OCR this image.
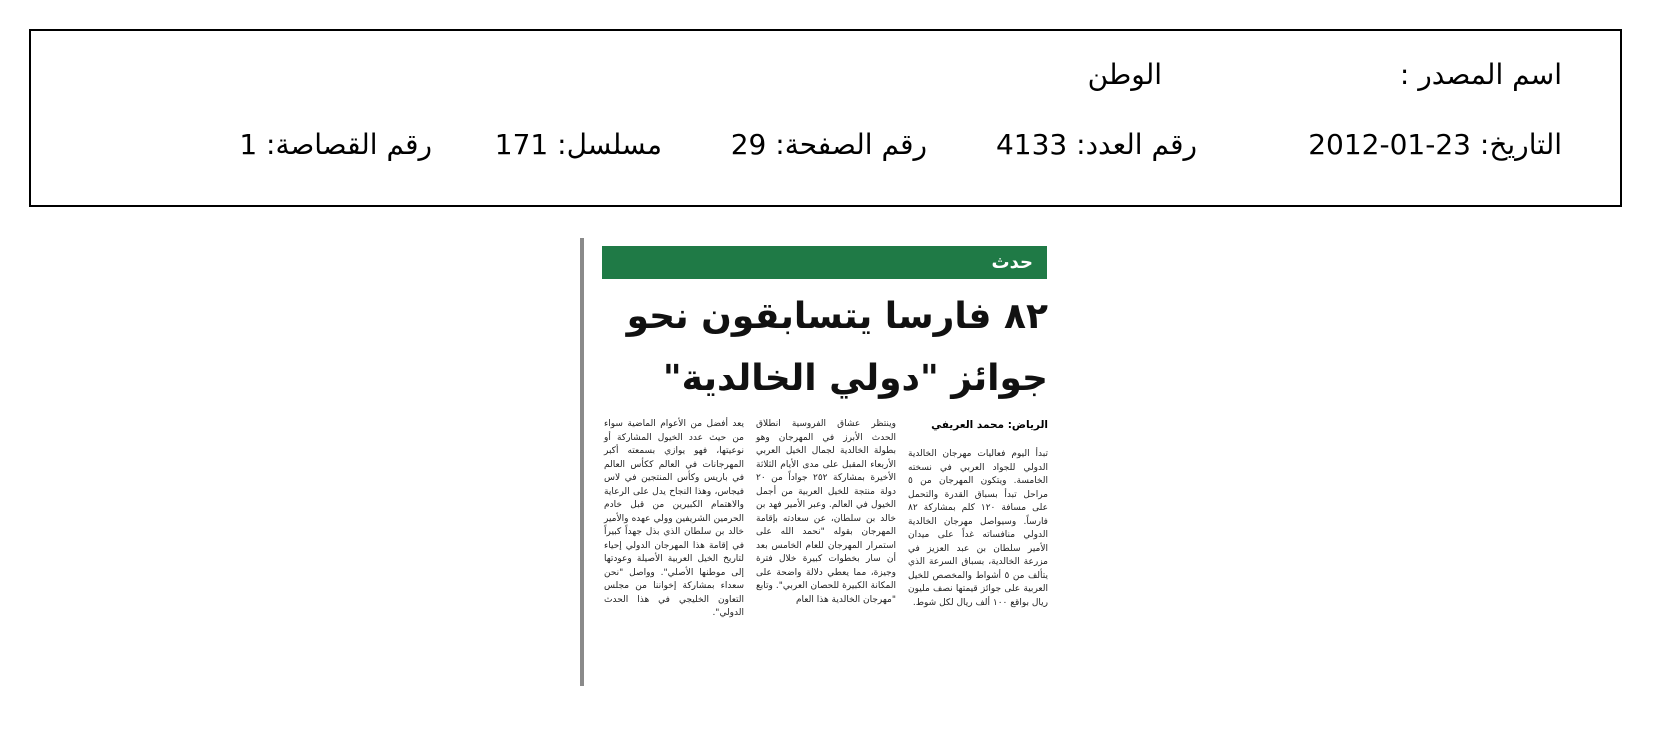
اسم المصدر :
الوطن
التاريخ: 23-01-2012
رقم العدد: 4133
رقم الصفحة: 29
مسلسل: 171
رقم القصاصة: 1
حدث
٨٢ فارسا يتسابقون نحو جوائز "دولي الخالدية"
الرياض: محمد العريفي
تبدأ اليوم فعاليات مهرجان الخالدية الدولي للجواد العربي في نسخته الخامسة. ويتكون المهرجان من ٥ مراحل تبدأ بسباق القدرة والتحمل على مسافة ١٢٠ كلم بمشاركة ٨٢ فارساً. وسيواصل مهرجان الخالدية الدولي منافساته غداً على ميدان الأمير سلطان بن عبد العزيز في مزرعة الخالدية، بسباق السرعة الذي يتألف من ٥ أشواط والمخصص للخيل العربية على جوائز قيمتها نصف مليون ريال بواقع ١٠٠ ألف ريال لكل شوط.
وينتظر عشاق الفروسية انطلاق الحدث الأبرز في المهرجان وهو بطولة الخالدية لجمال الخيل العربي الأربعاء المقبل على مدى الأيام الثلاثة الأخيرة بمشاركة ٢٥٢ جواداً من ٢٠ دولة منتجة للخيل العربية من أجمل الخيول في العالم. وعبر الأمير فهد بن خالد بن سلطان، عن سعادته بإقامة المهرجان بقوله "نحمد الله على استمرار المهرجان للعام الخامس بعد أن سار بخطوات كبيرة خلال فترة وجيزة، مما يعطي دلالة واضحة على المكانة الكبيرة للحصان العربي". وتابع "مهرجان الخالدية هذا العام
يعد أفضل من الأعوام الماضية سواء من حيث عدد الخيول المشاركة أو نوعيتها، فهو يوازي بسمعته أكبر المهرجانات في العالم ككأس العالم في باريس وكأس المنتجين في لاس فيجاس، وهذا النجاح يدل على الرعاية والاهتمام الكبيرين من قبل خادم الحرمين الشريفين وولي عهده والأمير خالد بن سلطان الذي بذل جهداً كبيراً في إقامة هذا المهرجان الدولي إحياء لتاريخ الخيل العربية الأصيلة وعودتها إلى موطنها الأصلي". وواصل "نحن سعداء بمشاركة إخواننا من مجلس التعاون الخليجي في هذا الحدث الدولي".
